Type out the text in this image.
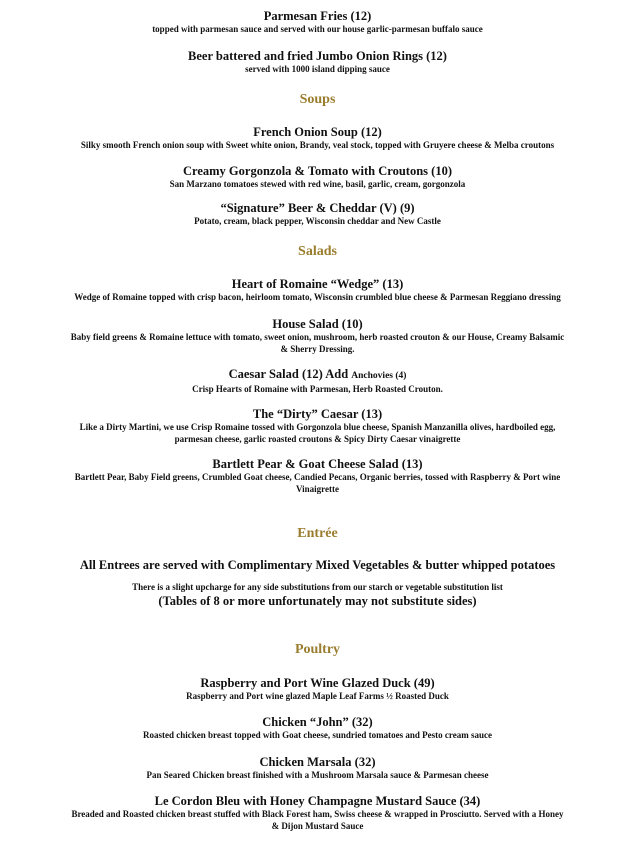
Parmesan Fries (12)
topped with parmesan sauce and served with our house garlic-parmesan buffalo sauce
Beer battered and fried Jumbo Onion Rings (12)
served with 1000 island dipping sauce
Soups
French Onion Soup (12)
Silky smooth French onion soup with Sweet white onion, Brandy, veal stock, topped with Gruyere cheese & Melba croutons
Creamy Gorgonzola & Tomato with Croutons (10)
San Marzano tomatoes stewed with red wine, basil, garlic, cream, gorgonzola
“Signature” Beer & Cheddar (V) (9)
Potato, cream, black pepper, Wisconsin cheddar and New Castle
Salads
Heart of Romaine “Wedge” (13)
Wedge of Romaine topped with crisp bacon, heirloom tomato, Wisconsin crumbled blue cheese & Parmesan Reggiano dressing
House Salad (10)
Baby field greens & Romaine lettuce with tomato, sweet onion, mushroom, herb roasted crouton & our House, Creamy Balsamic
& Sherry Dressing.
Caesar Salad (12) Add Anchovies (4)
Crisp Hearts of Romaine with Parmesan, Herb Roasted Crouton.
The “Dirty” Caesar (13)
Like a Dirty Martini, we use Crisp Romaine tossed with Gorgonzola blue cheese, Spanish Manzanilla olives, hardboiled egg,
parmesan cheese, garlic roasted croutons & Spicy Dirty Caesar vinaigrette
Bartlett Pear & Goat Cheese Salad (13)
Bartlett Pear, Baby Field greens, Crumbled Goat cheese, Candied Pecans, Organic berries, tossed with Raspberry & Port wine
Vinaigrette
Entrée
All Entrees are served with Complimentary Mixed Vegetables & butter whipped potatoes
There is a slight upcharge for any side substitutions from our starch or vegetable substitution list
(Tables of 8 or more unfortunately may not substitute sides)
Poultry
Raspberry and Port Wine Glazed Duck (49)
Raspberry and Port wine glazed Maple Leaf Farms ½ Roasted Duck
Chicken “John” (32)
Roasted chicken breast topped with Goat cheese, sundried tomatoes and Pesto cream sauce
Chicken Marsala (32)
Pan Seared Chicken breast finished with a Mushroom Marsala sauce & Parmesan cheese
Le Cordon Bleu with Honey Champagne Mustard Sauce (34)
Breaded and Roasted chicken breast stuffed with Black Forest ham, Swiss cheese & wrapped in Prosciutto. Served with a Honey
& Dijon Mustard Sauce
